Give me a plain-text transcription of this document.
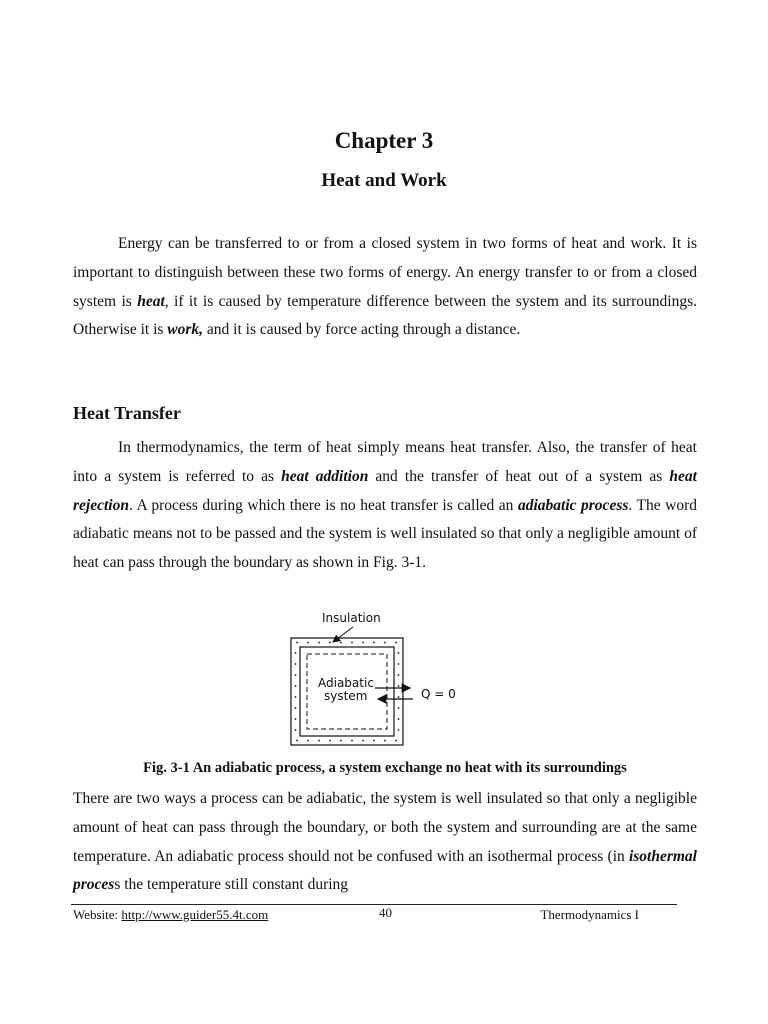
Chapter 3
Heat and Work

Energy can be transferred to or from a closed system in two forms of heat and work. It is important to distinguish between these two forms of energy. An energy transfer to or from a closed system is heat, if it is caused by temperature difference between the system and its surroundings. Otherwise it is work, and it is caused by force acting through a distance.

Heat Transfer

In thermodynamics, the term of heat simply means heat transfer. Also, the transfer of heat into a system is referred to as heat addition and the transfer of heat out of a system as heat rejection. A process during which there is no heat transfer is called an adiabatic process. The word adiabatic means not to be passed and the system is well insulated so that only a negligible amount of heat can pass through the boundary as shown in Fig. 3-1.

Insulation
Adiabatic
system	Q = 0

Fig. 3-1 An adiabatic process, a system exchange no heat with its surroundings

There are two ways a process can be adiabatic, the system is well insulated so that only a negligible amount of heat can pass through the boundary, or both the system and surrounding are at the same temperature. An adiabatic process should not be confused with an isothermal process (in isothermal process the temperature still constant during

Website: http://www.guider55.4t.com	40	Thermodynamics I
